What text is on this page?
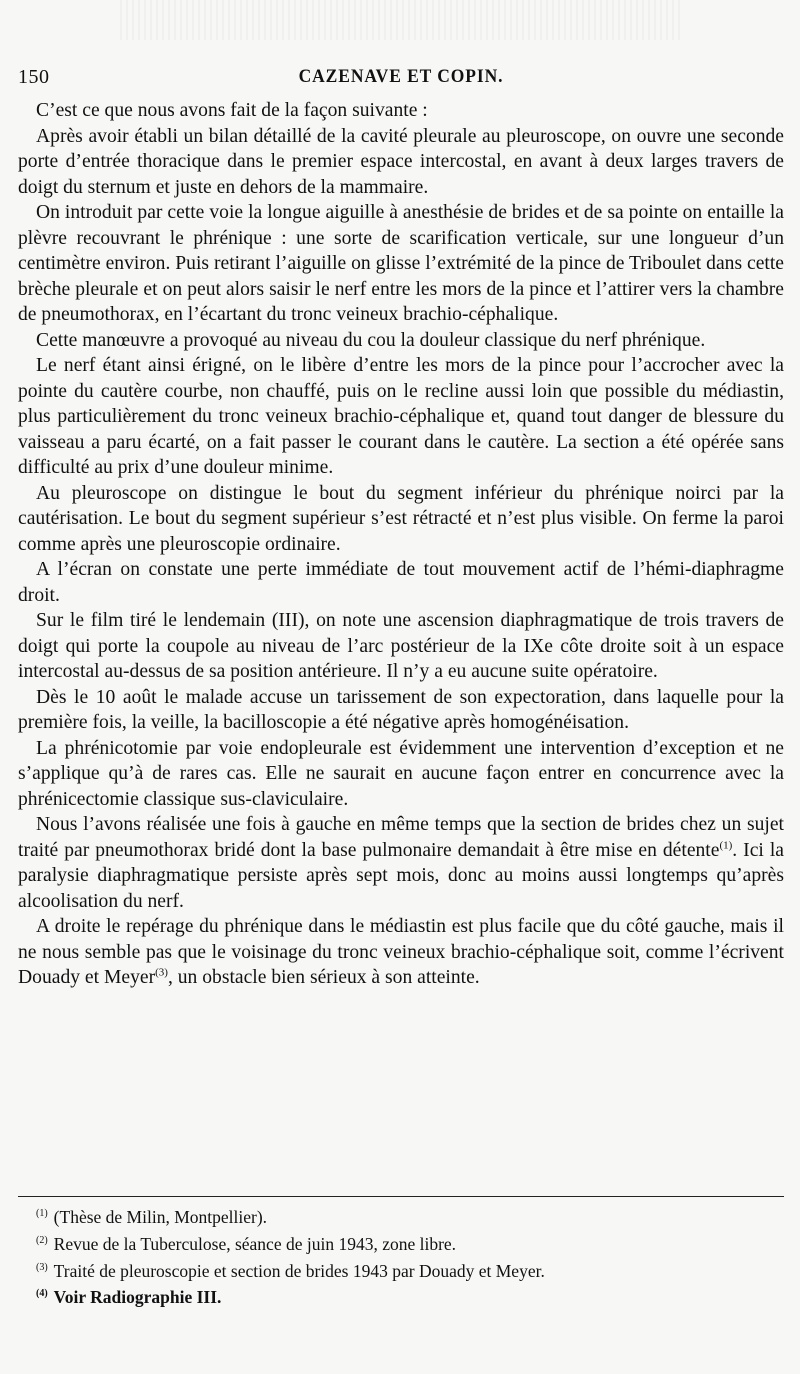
150	CAZENAVE ET COPIN.

C’est ce que nous avons fait de la façon suivante :

Après avoir établi un bilan détaillé de la cavité pleurale au pleuroscope, on ouvre une seconde porte d’entrée thoracique dans le premier espace intercostal, en avant à deux larges travers de doigt du sternum et juste en dehors de la mammaire.

On introduit par cette voie la longue aiguille à anesthésie de brides et de sa pointe on entaille la plèvre recouvrant le phrénique : une sorte de scarification verticale, sur une longueur d’un centimètre environ. Puis retirant l’aiguille on glisse l’extrémité de la pince de Triboulet dans cette brèche pleurale et on peut alors saisir le nerf entre les mors de la pince et l’attirer vers la chambre de pneumothorax, en l’écartant du tronc veineux brachio-céphalique.

Cette manœuvre a provoqué au niveau du cou la douleur classique du nerf phrénique.

Le nerf étant ainsi érigné, on le libère d’entre les mors de la pince pour l’accrocher avec la pointe du cautère courbe, non chauffé, puis on le recline aussi loin que possible du médiastin, plus particulièrement du tronc veineux brachio-céphalique et, quand tout danger de blessure du vaisseau a paru écarté, on a fait passer le courant dans le cautère. La section a été opérée sans difficulté au prix d’une douleur minime.

Au pleuroscope on distingue le bout du segment inférieur du phrénique noirci par la cautérisation. Le bout du segment supérieur s’est rétracté et n’est plus visible. On ferme la paroi comme après une pleuroscopie ordinaire.

A l’écran on constate une perte immédiate de tout mouvement actif de l’hémi-diaphragme droit.

Sur le film tiré le lendemain (III), on note une ascension diaphragmatique de trois travers de doigt qui porte la coupole au niveau de l’arc postérieur de la IXe côte droite soit à un espace intercostal au-dessus de sa position antérieure. Il n’y a eu aucune suite opératoire.

Dès le 10 août le malade accuse un tarissement de son expectoration, dans laquelle pour la première fois, la veille, la bacilloscopie a été négative après homogénéisation.

La phrénicotomie par voie endopleurale est évidemment une intervention d’exception et ne s’applique qu’à de rares cas. Elle ne saurait en aucune façon entrer en concurrence avec la phrénicectomie classique sus-claviculaire.

Nous l’avons réalisée une fois à gauche en même temps que la section de brides chez un sujet traité par pneumothorax bridé dont la base pulmonaire demandait à être mise en détente$^{(1)}$. Ici la paralysie diaphragmatique persiste après sept mois, donc au moins aussi longtemps qu’après alcoolisation du nerf.

A droite le repérage du phrénique dans le médiastin est plus facile que du côté gauche, mais il ne nous semble pas que le voisinage du tronc veineux brachio-céphalique soit, comme l’écrivent Douady et Meyer$^{(3)}$, un obstacle bien sérieux à son atteinte.

$^{(1)}$ (Thèse de Milin, Montpellier).

$^{(2)}$ Revue de la Tuberculose, séance de juin 1943, zone libre.

$^{(3)}$ Traité de pleuroscopie et section de brides 1943 par Douady et Meyer.

$^{(4)}$ Voir Radiographie III.
